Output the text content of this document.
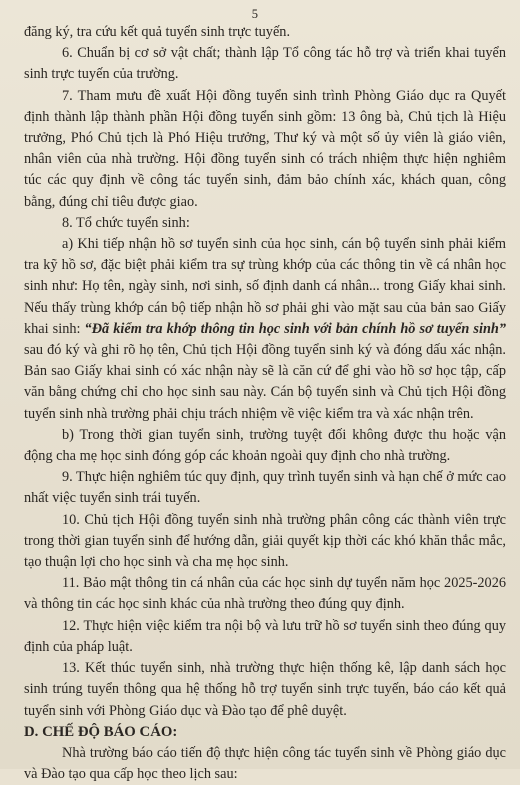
5

đăng ký, tra cứu kết quả tuyển sinh trực tuyến.

6. Chuẩn bị cơ sở vật chất; thành lập Tổ công tác hỗ trợ và triển khai tuyển sinh trực tuyến của trường.

7. Tham mưu đề xuất Hội đồng tuyển sinh trình Phòng Giáo dục ra Quyết định thành lập thành phần Hội đồng tuyển sinh gồm: 13 ông bà, Chủ tịch là Hiệu trưởng, Phó Chủ tịch là Phó Hiệu trưởng, Thư ký và một số ủy viên là giáo viên, nhân viên của nhà trường. Hội đồng tuyển sinh có trách nhiệm thực hiện nghiêm túc các quy định về công tác tuyển sinh, đảm bảo chính xác, khách quan, công bằng, đúng chỉ tiêu được giao.

8. Tổ chức tuyển sinh:

a) Khi tiếp nhận hồ sơ tuyển sinh của học sinh, cán bộ tuyển sinh phải kiểm tra kỹ hồ sơ, đặc biệt phải kiểm tra sự trùng khớp của các thông tin về cá nhân học sinh như: Họ tên, ngày sinh, nơi sinh, số định danh cá nhân... trong Giấy khai sinh. Nếu thấy trùng khớp cán bộ tiếp nhận hồ sơ phải ghi vào mặt sau của bản sao Giấy khai sinh: “Đã kiểm tra khớp thông tin học sinh với bản chính hồ sơ tuyển sinh” sau đó ký và ghi rõ họ tên, Chủ tịch Hội đồng tuyển sinh ký và đóng dấu xác nhận. Bản sao Giấy khai sinh có xác nhận này sẽ là căn cứ để ghi vào hồ sơ học tập, cấp văn bằng chứng chỉ cho học sinh sau này. Cán bộ tuyển sinh và Chủ tịch Hội đồng tuyển sinh nhà trường phải chịu trách nhiệm về việc kiểm tra và xác nhận trên.

b) Trong thời gian tuyển sinh, trường tuyệt đối không được thu hoặc vận động cha mẹ học sinh đóng góp các khoản ngoài quy định cho nhà trường.

9. Thực hiện nghiêm túc quy định, quy trình tuyển sinh và hạn chế ở mức cao nhất việc tuyển sinh trái tuyến.

10. Chủ tịch Hội đồng tuyển sinh nhà trường phân công các thành viên trực trong thời gian tuyển sinh để hướng dẫn, giải quyết kịp thời các khó khăn thắc mắc, tạo thuận lợi cho học sinh và cha mẹ học sinh.

11. Bảo mật thông tin cá nhân của các học sinh dự tuyển năm học 2025-2026 và thông tin các học sinh khác của nhà trường theo đúng quy định.

12. Thực hiện việc kiểm tra nội bộ và lưu trữ hồ sơ tuyển sinh theo đúng quy định của pháp luật.

13. Kết thúc tuyển sinh, nhà trường thực hiện thống kê, lập danh sách học sinh trúng tuyển thông qua hệ thống hỗ trợ tuyển sinh trực tuyến, báo cáo kết quả tuyển sinh với Phòng Giáo dục và Đào tạo để phê duyệt.

D. CHẾ ĐỘ BÁO CÁO:

Nhà trường báo cáo tiến độ thực hiện công tác tuyển sinh về Phòng giáo dục và Đào tạo qua cấp học theo lịch sau:
